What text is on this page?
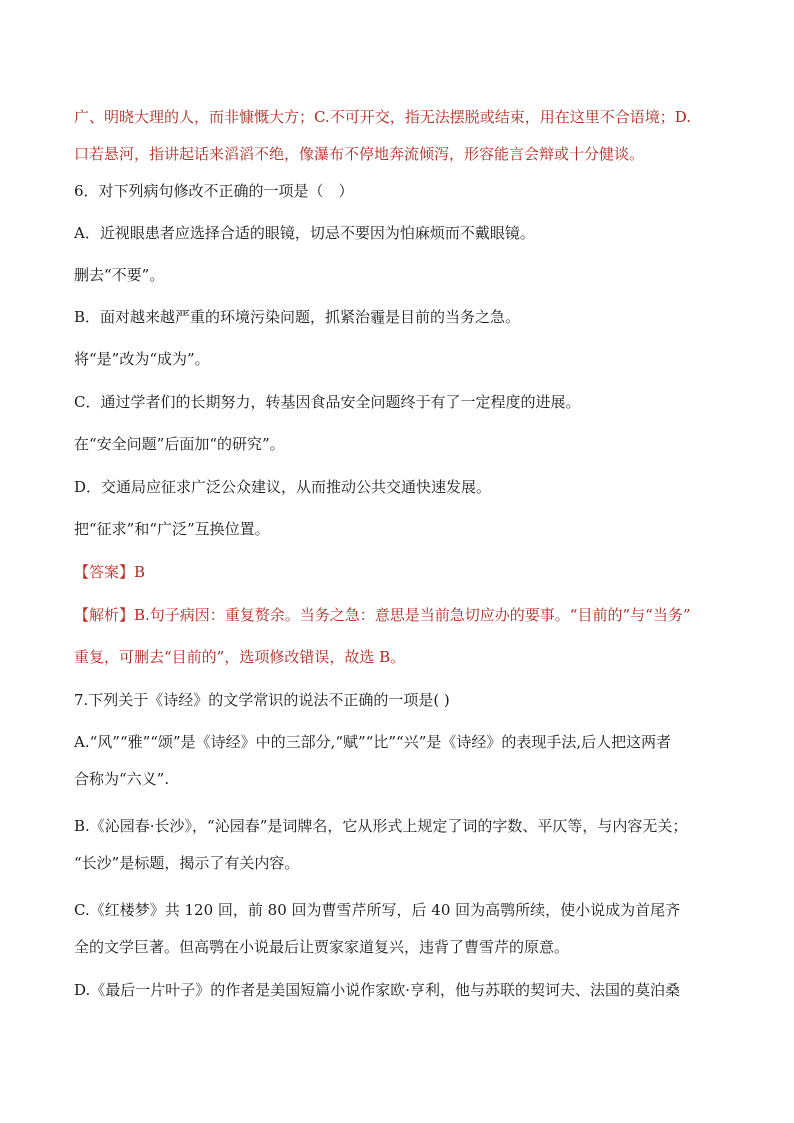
广、明晓大理的人，而非慷慨大方；C.不可开交，指无法摆脱或结束，用在这里不合语境；D.
口若悬河，指讲起话来滔滔不绝，像瀑布不停地奔流倾泻，形容能言会辩或十分健谈。
6．对下列病句修改不正确的一项是（　）
A．近视眼患者应选择合适的眼镜，切忌不要因为怕麻烦而不戴眼镜。
删去“不要”。
B．面对越来越严重的环境污染问题，抓紧治霾是目前的当务之急。
将“是”改为“成为”。
C．通过学者们的长期努力，转基因食品安全问题终于有了一定程度的进展。
在“安全问题”后面加“的研究”。
D．交通局应征求广泛公众建议，从而推动公共交通快速发展。
把“征求”和“广泛”互换位置。
【答案】B
【解析】B.句子病因：重复赘余。当务之急：意思是当前急切应办的要事。“目前的”与“当务”
重复，可删去“目前的”，选项修改错误，故选 B。
7.下列关于《诗经》的文学常识的说法不正确的一项是( )
A.“风”“雅”“颂”是《诗经》中的三部分,“赋”“比”“兴”是《诗经》的表现手法,后人把这两者
合称为“六义”.
B.《沁园春·长沙》，“沁园春”是词牌名，它从形式上规定了词的字数、平仄等，与内容无关；
“长沙”是标题，揭示了有关内容。
C.《红楼梦》共 120 回，前 80 回为曹雪芹所写，后 40 回为高鹗所续，使小说成为首尾齐
全的文学巨著。但高鹗在小说最后让贾家家道复兴，违背了曹雪芹的原意。
D.《最后一片叶子》的作者是美国短篇小说作家欧·亨利，他与苏联的契诃夫、法国的莫泊桑
